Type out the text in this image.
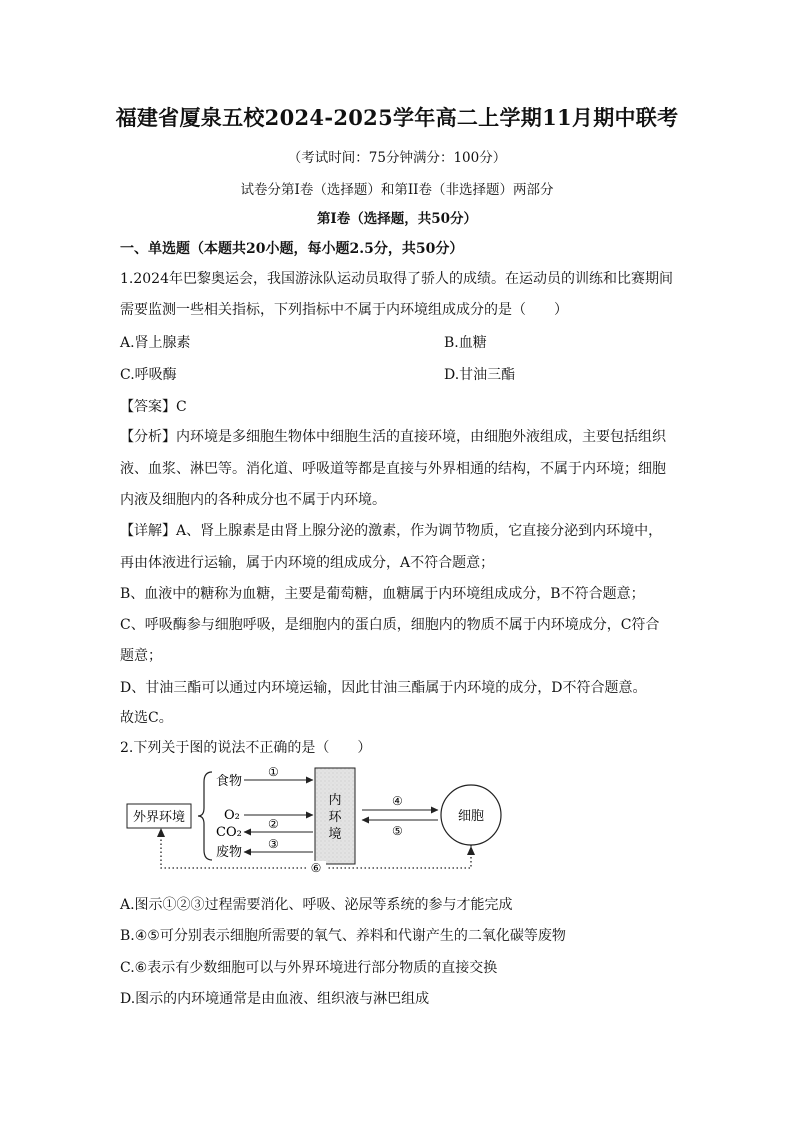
福建省厦泉五校2024-2025学年高二上学期11月期中联考
（考试时间：75分钟满分：100分）
试卷分第I卷（选择题）和第II卷（非选择题）两部分
第I卷（选择题，共50分）
一、单选题（本题共20小题，每小题2.5分，共50分）
1.2024年巴黎奥运会，我国游泳队运动员取得了骄人的成绩。在运动员的训练和比赛期间
需要监测一些相关指标，下列指标中不属于内环境组成成分的是（　　）
A.肾上腺素	B.血糖
C.呼吸酶	D.甘油三酯
【答案】C
【分析】内环境是多细胞生物体中细胞生活的直接环境，由细胞外液组成，主要包括组织
液、血浆、淋巴等。消化道、呼吸道等都是直接与外界相通的结构，不属于内环境；细胞
内液及细胞内的各种成分也不属于内环境。
【详解】A、肾上腺素是由肾上腺分泌的激素，作为调节物质，它直接分泌到内环境中，
再由体液进行运输，属于内环境的组成成分，A不符合题意；
B、血液中的糖称为血糖，主要是葡萄糖，血糖属于内环境组成成分，B不符合题意；
C、呼吸酶参与细胞呼吸，是细胞内的蛋白质，细胞内的物质不属于内环境成分，C符合
题意；
D、甘油三酯可以通过内环境运输，因此甘油三酯属于内环境的成分，D不符合题意。
故选C。
2.下列关于图的说法不正确的是（　　）
外界环境
食物
O₂
CO₂
废物
①
②
③
内
环
境
④
⑤
细胞
⑥
A.图示①②③过程需要消化、呼吸、泌尿等系统的参与才能完成
B.④⑤可分别表示细胞所需要的氧气、养料和代谢产生的二氧化碳等废物
C.⑥表示有少数细胞可以与外界环境进行部分物质的直接交换
D.图示的内环境通常是由血液、组织液与淋巴组成
